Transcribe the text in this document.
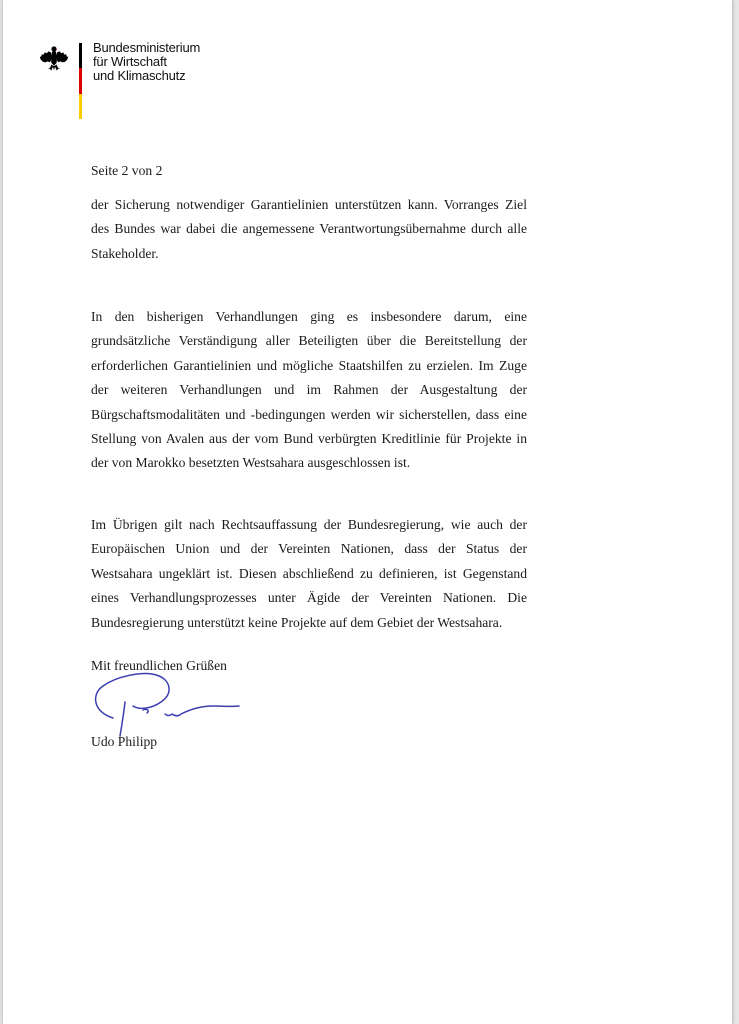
Bundesministerium
für Wirtschaft
und Klimaschutz
Seite 2 von 2
der Sicherung notwendiger Garantielinien unterstützen kann. Vorranges Ziel des Bundes war dabei die angemessene Verantwortungsübernahme durch alle Stakeholder.
In den bisherigen Verhandlungen ging es insbesondere darum, eine grundsätzliche Verständigung aller Beteiligten über die Bereitstellung der erforderlichen Garantielinien und mögliche Staatshilfen zu erzielen. Im Zuge der weiteren Verhandlungen und im Rahmen der Ausgestaltung der Bürgschaftsmodalitäten und -bedingungen werden wir sicherstellen, dass eine Stellung von Avalen aus der vom Bund verbürgten Kreditlinie für Projekte in der von Marokko besetzten Westsahara ausgeschlossen ist.
Im Übrigen gilt nach Rechtsauffassung der Bundesregierung, wie auch der Europäischen Union und der Vereinten Nationen, dass der Status der Westsahara ungeklärt ist. Diesen abschließend zu definieren, ist Gegenstand eines Verhandlungsprozesses unter Ägide der Vereinten Nationen. Die Bundesregierung unterstützt keine Projekte auf dem Gebiet der Westsahara.
Mit freundlichen Grüßen
Udo Philipp
